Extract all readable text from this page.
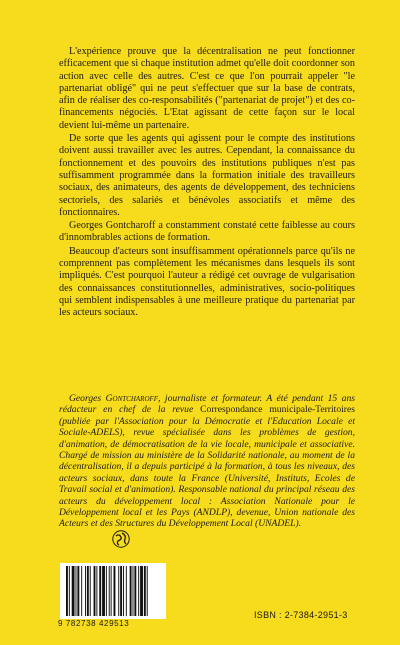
L'expérience prouve que la décentralisation ne peut fonctionner efficacement que si chaque institution admet qu'elle doit coordonner son action avec celle des autres. C'est ce que l'on pourrait appeler "le partenariat obligé" qui ne peut s'effectuer que sur la base de contrats, afin de réaliser des co-responsabilités ("partenariat de projet") et des co-financements négociés. L'Etat agissant de cette façon sur le local devient lui-même un partenaire.

De sorte que les agents qui agissent pour le compte des institutions doivent aussi travailler avec les autres. Cependant, la connaissance du fonctionnement et des pouvoirs des institutions publiques n'est pas suffisamment programmée dans la formation initiale des travailleurs sociaux, des animateurs, des agents de développement, des techniciens sectoriels, des salariés et bénévoles associatifs et même des fonctionnaires.

Georges Gontcharoff a constamment constaté cette faiblesse au cours d'innombrables actions de formation.

Beaucoup d'acteurs sont insuffisamment opérationnels parce qu'ils ne comprennent pas complètement les mécanismes dans lesquels ils sont impliqués. C'est pourquoi l'auteur a rédigé cet ouvrage de vulgarisation des connaissances constitutionnelles, administratives, socio-politiques qui semblent indispensables à une meilleure pratique du partenariat par les acteurs sociaux.

Georges Gontcharoff, journaliste et formateur. A été pendant 15 ans rédacteur en chef de la revue Correspondance municipale-Territoires (publiée par l'Association pour la Démocratie et l'Education Locale et Sociale-ADELS), revue spécialisée dans les problèmes de gestion, d'animation, de démocratisation de la vie locale, municipale et associative. Chargé de mission au ministère de la Solidarité nationale, au moment de la décentralisation, il a depuis participé à la formation, à tous les niveaux, des acteurs sociaux, dans toute la France (Université, Instituts, Ecoles de Travail social et d'animation). Responsable national du principal réseau des acteurs du développement local : Association Nationale pour le Développement local et les Pays (ANDLP), devenue, Union nationale des Acteurs et des Structures du Développement Local (UNADEL).

9 782738 429513
ISBN : 2-7384-2951-3
